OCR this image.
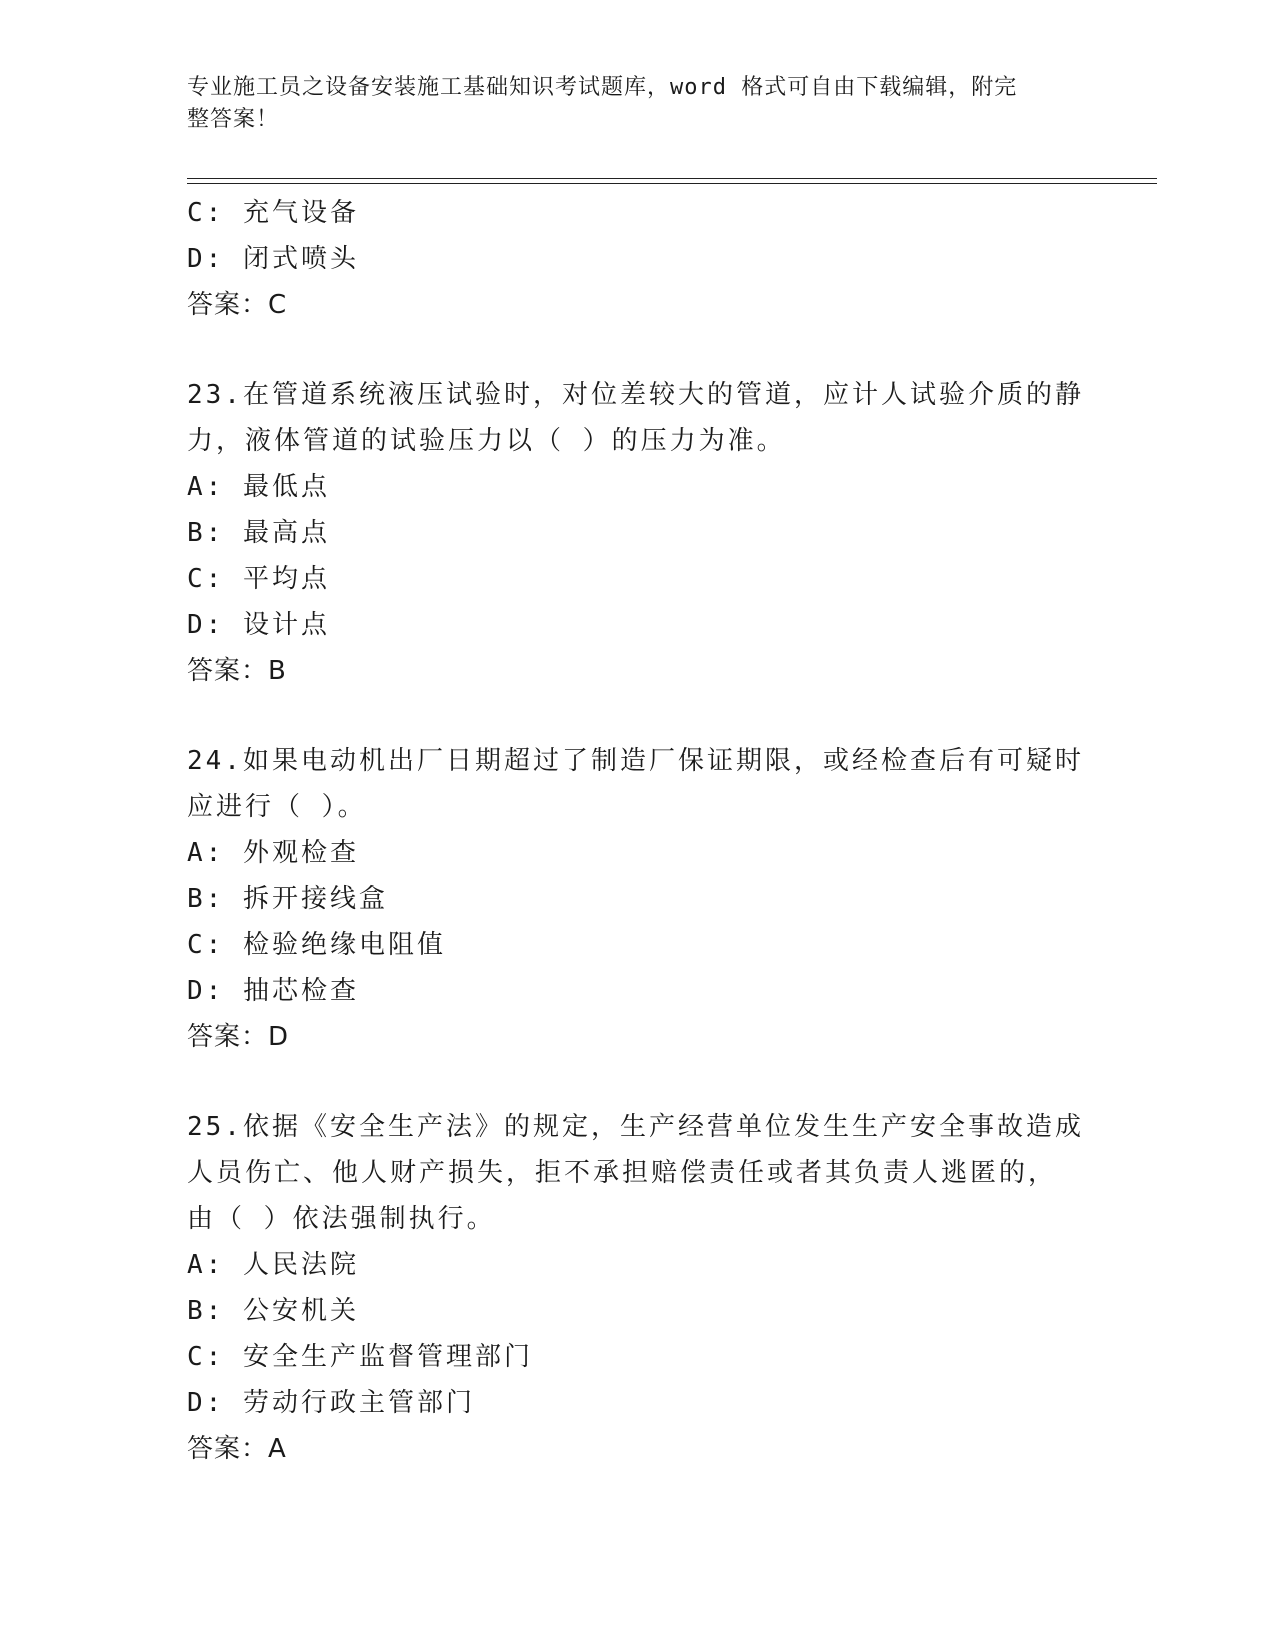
专业施工员之设备安装施工基础知识考试题库，word 格式可自由下载编辑，附完
整答案！
C: 充气设备
D: 闭式喷头
答案：C
23.在管道系统液压试验时，对位差较大的管道，应计人试验介质的静
力，液体管道的试验压力以（ ）的压力为准。
A: 最低点
B: 最高点
C: 平均点
D: 设计点
答案：B
24.如果电动机出厂日期超过了制造厂保证期限，或经检查后有可疑时
应进行（ ）。
A: 外观检查
B: 拆开接线盒
C: 检验绝缘电阻值
D: 抽芯检查
答案：D
25.依据《安全生产法》的规定，生产经营单位发生生产安全事故造成
人员伤亡、他人财产损失，拒不承担赔偿责任或者其负责人逃匿的，
由（ ）依法强制执行。
A: 人民法院
B: 公安机关
C: 安全生产监督管理部门
D: 劳动行政主管部门
答案：A
